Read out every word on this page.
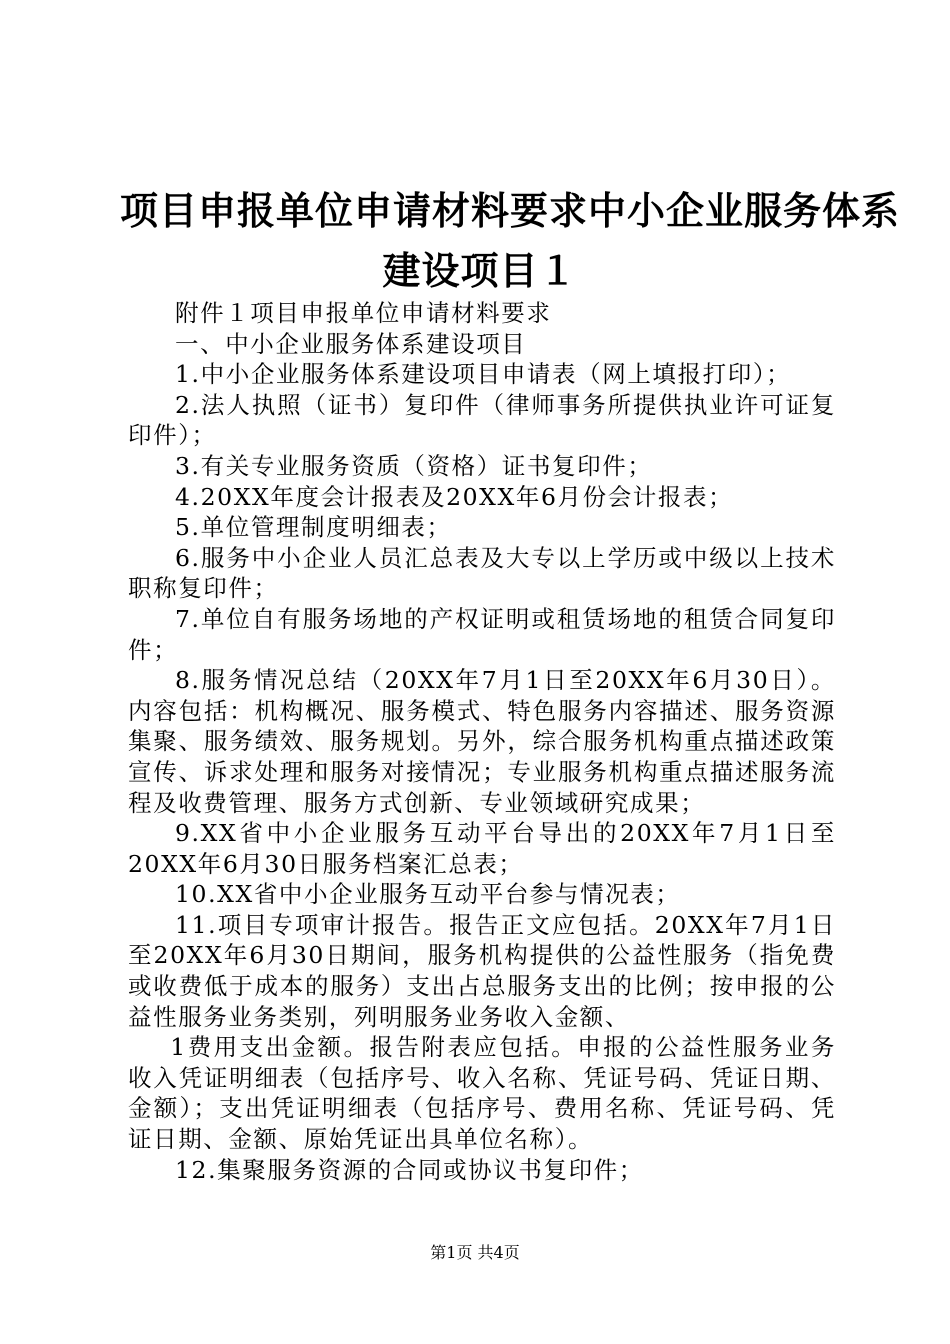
项目申报单位申请材料要求中小企业服务体系
建设项目１

附件１项目申报单位申请材料要求

一、中小企业服务体系建设项目

1.中小企业服务体系建设项目申请表（网上填报打印）；

2.法人执照（证书）复印件（律师事务所提供执业许可证复印件）；

3.有关专业服务资质（资格）证书复印件；

4.20XX年度会计报表及20XX年6月份会计报表；

5.单位管理制度明细表；

6.服务中小企业人员汇总表及大专以上学历或中级以上技术职称复印件；

7.单位自有服务场地的产权证明或租赁场地的租赁合同复印件；

8.服务情况总结（20XX年7月1日至20XX年6月30日）。内容包括：机构概况、服务模式、特色服务内容描述、服务资源集聚、服务绩效、服务规划。另外，综合服务机构重点描述政策宣传、诉求处理和服务对接情况；专业服务机构重点描述服务流程及收费管理、服务方式创新、专业领域研究成果；

9.XX省中小企业服务互动平台导出的20XX年7月1日至20XX年6月30日服务档案汇总表；

10.XX省中小企业服务互动平台参与情况表；

11.项目专项审计报告。报告正文应包括。20XX年7月1日至20XX年6月30日期间，服务机构提供的公益性服务（指免费或收费低于成本的服务）支出占总服务支出的比例；按申报的公益性服务业务类别，列明服务业务收入金额、

1费用支出金额。报告附表应包括。申报的公益性服务业务收入凭证明细表（包括序号、收入名称、凭证号码、凭证日期、金额）；支出凭证明细表（包括序号、费用名称、凭证号码、凭证日期、金额、原始凭证出具单位名称）。

12.集聚服务资源的合同或协议书复印件；

第1页 共4页
